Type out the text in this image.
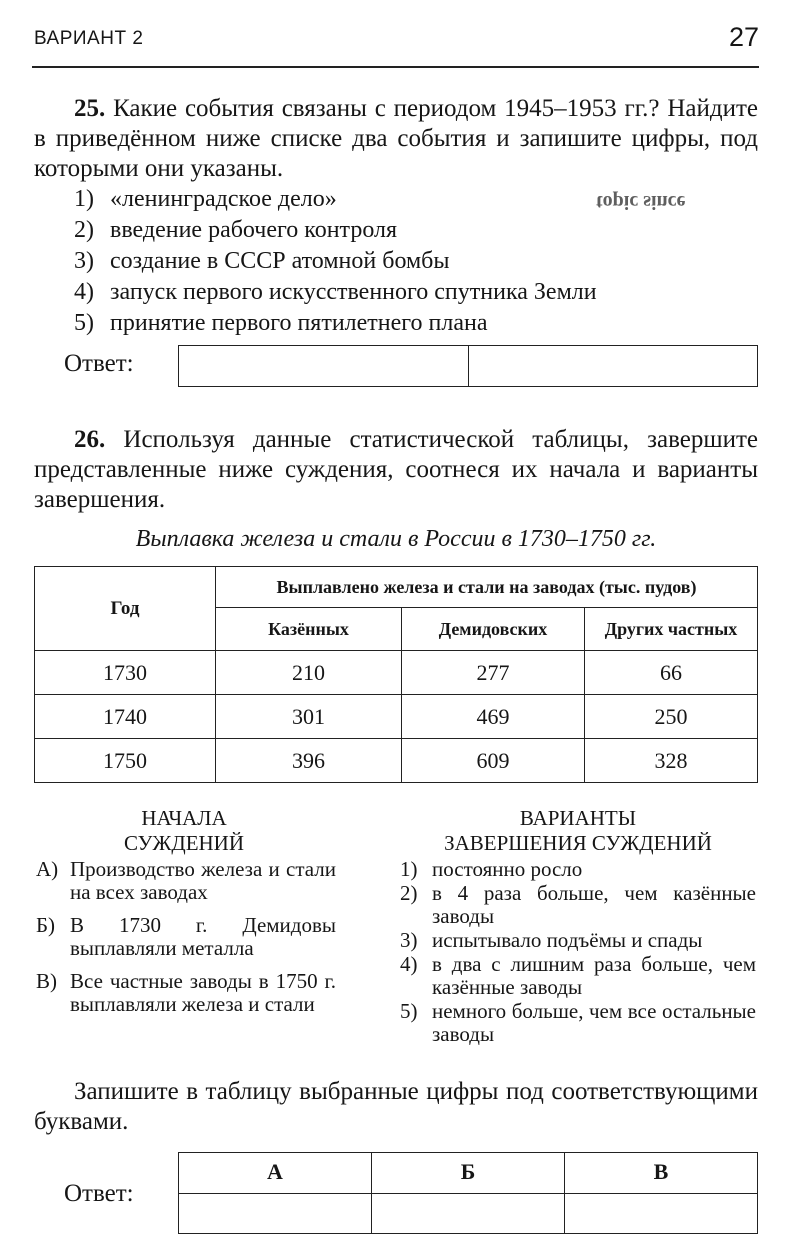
ВАРИАНТ 2	27
25. Какие события связаны с периодом 1945–1953 гг.? Найдите в приведённом ниже списке два события и запишите цифры, под которыми они указаны.
topic since
1) «ленинградское дело»
2) введение рабочего контроля
3) создание в СССР атомной бомбы
4) запуск первого искусственного спутника Земли
5) принятие первого пятилетнего плана
Ответ:
26. Используя данные статистической таблицы, завершите представленные ниже суждения, соотнеся их начала и варианты завершения.
Выплавка железа и стали в России в 1730–1750 гг.
Год	Выплавлено железа и стали на заводах (тыс. пудов)		
	Казённых	Демидовских	Других частных
1730	210	277	66
1740	301	469	250
1750	396	609	328
НАЧАЛА
СУЖДЕНИЙ
ВАРИАНТЫ
ЗАВЕРШЕНИЯ СУЖДЕНИЙ
А) Производство железа и стали на всех заводах
Б) В 1730 г. Демидовы выплавляли металла
В) Все частные заводы в 1750 г. выплавляли железа и стали
1) постоянно росло
2) в 4 раза больше, чем казённые заводы
3) испытывало подъёмы и спады
4) в два с лишним раза больше, чем казённые заводы
5) немного больше, чем все остальные заводы
Запишите в таблицу выбранные цифры под соответствующими буквами.
Ответ:
А	Б	В
